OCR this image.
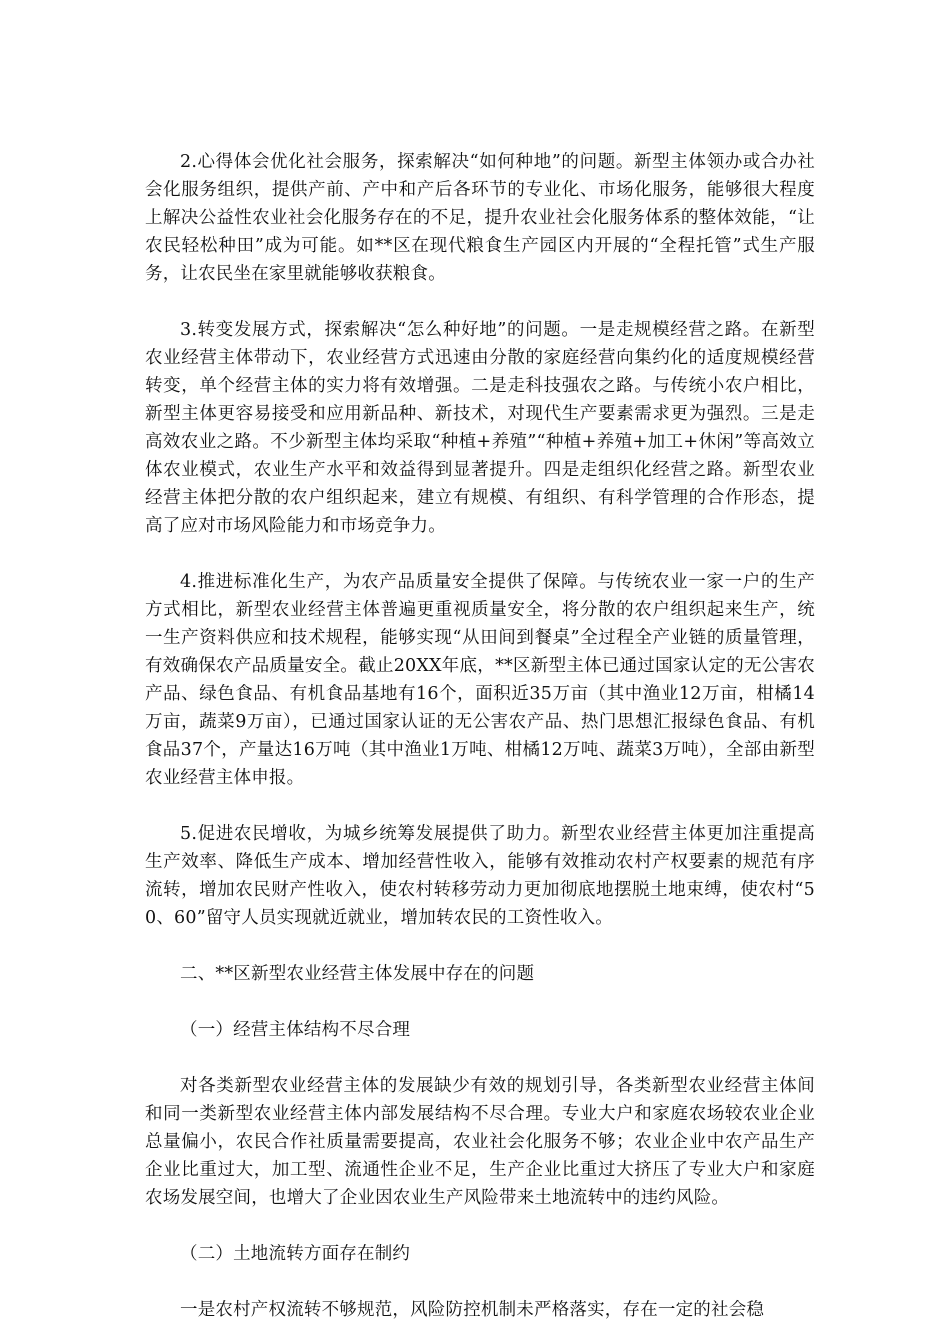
2.心得体会优化社会服务，探索解决“如何种地”的问题。新型主体领办或合办社会化服务组织，提供产前、产中和产后各环节的专业化、市场化服务，能够很大程度上解决公益性农业社会化服务存在的不足，提升农业社会化服务体系的整体效能，“让农民轻松种田”成为可能。如**区在现代粮食生产园区内开展的“全程托管”式生产服务，让农民坐在家里就能够收获粮食。

3.转变发展方式，探索解决“怎么种好地”的问题。一是走规模经营之路。在新型农业经营主体带动下，农业经营方式迅速由分散的家庭经营向集约化的适度规模经营转变，单个经营主体的实力将有效增强。二是走科技强农之路。与传统小农户相比，新型主体更容易接受和应用新品种、新技术，对现代生产要素需求更为强烈。三是走高效农业之路。不少新型主体均采取“种植+养殖”“种植+养殖+加工+休闲”等高效立体农业模式，农业生产水平和效益得到显著提升。四是走组织化经营之路。新型农业经营主体把分散的农户组织起来，建立有规模、有组织、有科学管理的合作形态，提高了应对市场风险能力和市场竞争力。

4.推进标准化生产，为农产品质量安全提供了保障。与传统农业一家一户的生产方式相比，新型农业经营主体普遍更重视质量安全，将分散的农户组织起来生产，统一生产资料供应和技术规程，能够实现“从田间到餐桌”全过程全产业链的质量管理，有效确保农产品质量安全。截止20XX年底，**区新型主体已通过国家认定的无公害农产品、绿色食品、有机食品基地有16个，面积近35万亩（其中渔业12万亩，柑橘14万亩，蔬菜9万亩），已通过国家认证的无公害农产品、热门思想汇报绿色食品、有机食品37个，产量达16万吨（其中渔业1万吨、柑橘12万吨、蔬菜3万吨），全部由新型农业经营主体申报。

5.促进农民增收，为城乡统筹发展提供了助力。新型农业经营主体更加注重提高生产效率、降低生产成本、增加经营性收入，能够有效推动农村产权要素的规范有序流转，增加农民财产性收入，使农村转移劳动力更加彻底地摆脱土地束缚，使农村“50、60”留守人员实现就近就业，增加转农民的工资性收入。

二、**区新型农业经营主体发展中存在的问题

（一）经营主体结构不尽合理

对各类新型农业经营主体的发展缺少有效的规划引导，各类新型农业经营主体间和同一类新型农业经营主体内部发展结构不尽合理。专业大户和家庭农场较农业企业总量偏小，农民合作社质量需要提高，农业社会化服务不够；农业企业中农产品生产企业比重过大，加工型、流通性企业不足，生产企业比重过大挤压了专业大户和家庭农场发展空间，也增大了企业因农业生产风险带来土地流转中的违约风险。

（二）土地流转方面存在制约

一是农村产权流转不够规范，风险防控机制未严格落实，存在一定的社会稳
